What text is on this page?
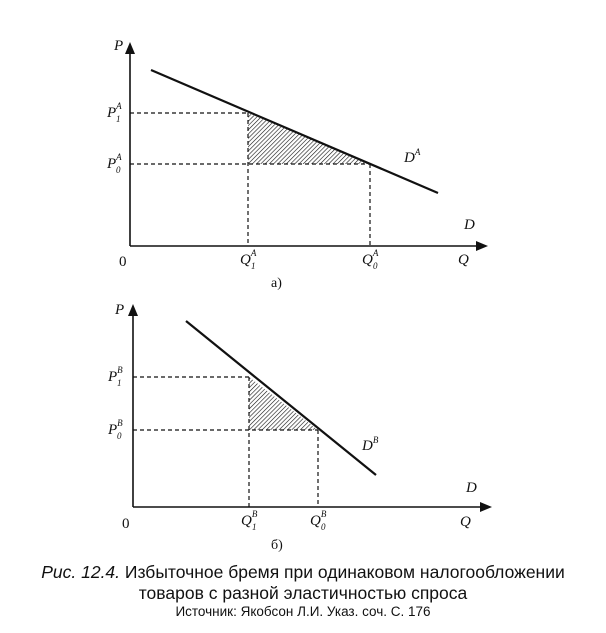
P
Q
D
0
$D^A$
$P^A$
1
$P^A$
0
$Q^A$
1	$Q^A$
0
а)
P
Q
D
0
$D^B$
$P^B$
1
$P^B$
0
$Q^B$
1	$Q^B$
0
б)
Рис. 12.4. Избыточное бремя при одинаковом налогообложении
товаров с разной эластичностью спроса
Источник: Якобсон Л.И. Указ. соч. С. 176
